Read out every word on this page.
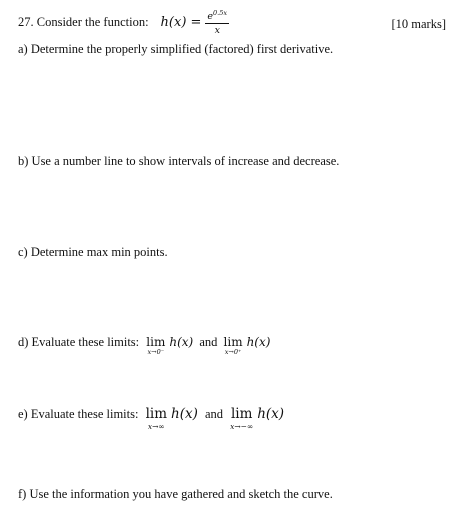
27. Consider the function: $h(x) = \frac{e^{0.5x}}{x}$	[10 marks]
a) Determine the properly simplified (factored) first derivative.
b) Use a number line to show intervals of increase and decrease.
c) Determine max min points.
d) Evaluate these limits: lim
x→0⁻
h(x) and lim
x→0⁺
h(x)
e) Evaluate these limits: lim
x→∞
h(x) and lim
x→−∞
h(x)
f) Use the information you have gathered and sketch the curve.
